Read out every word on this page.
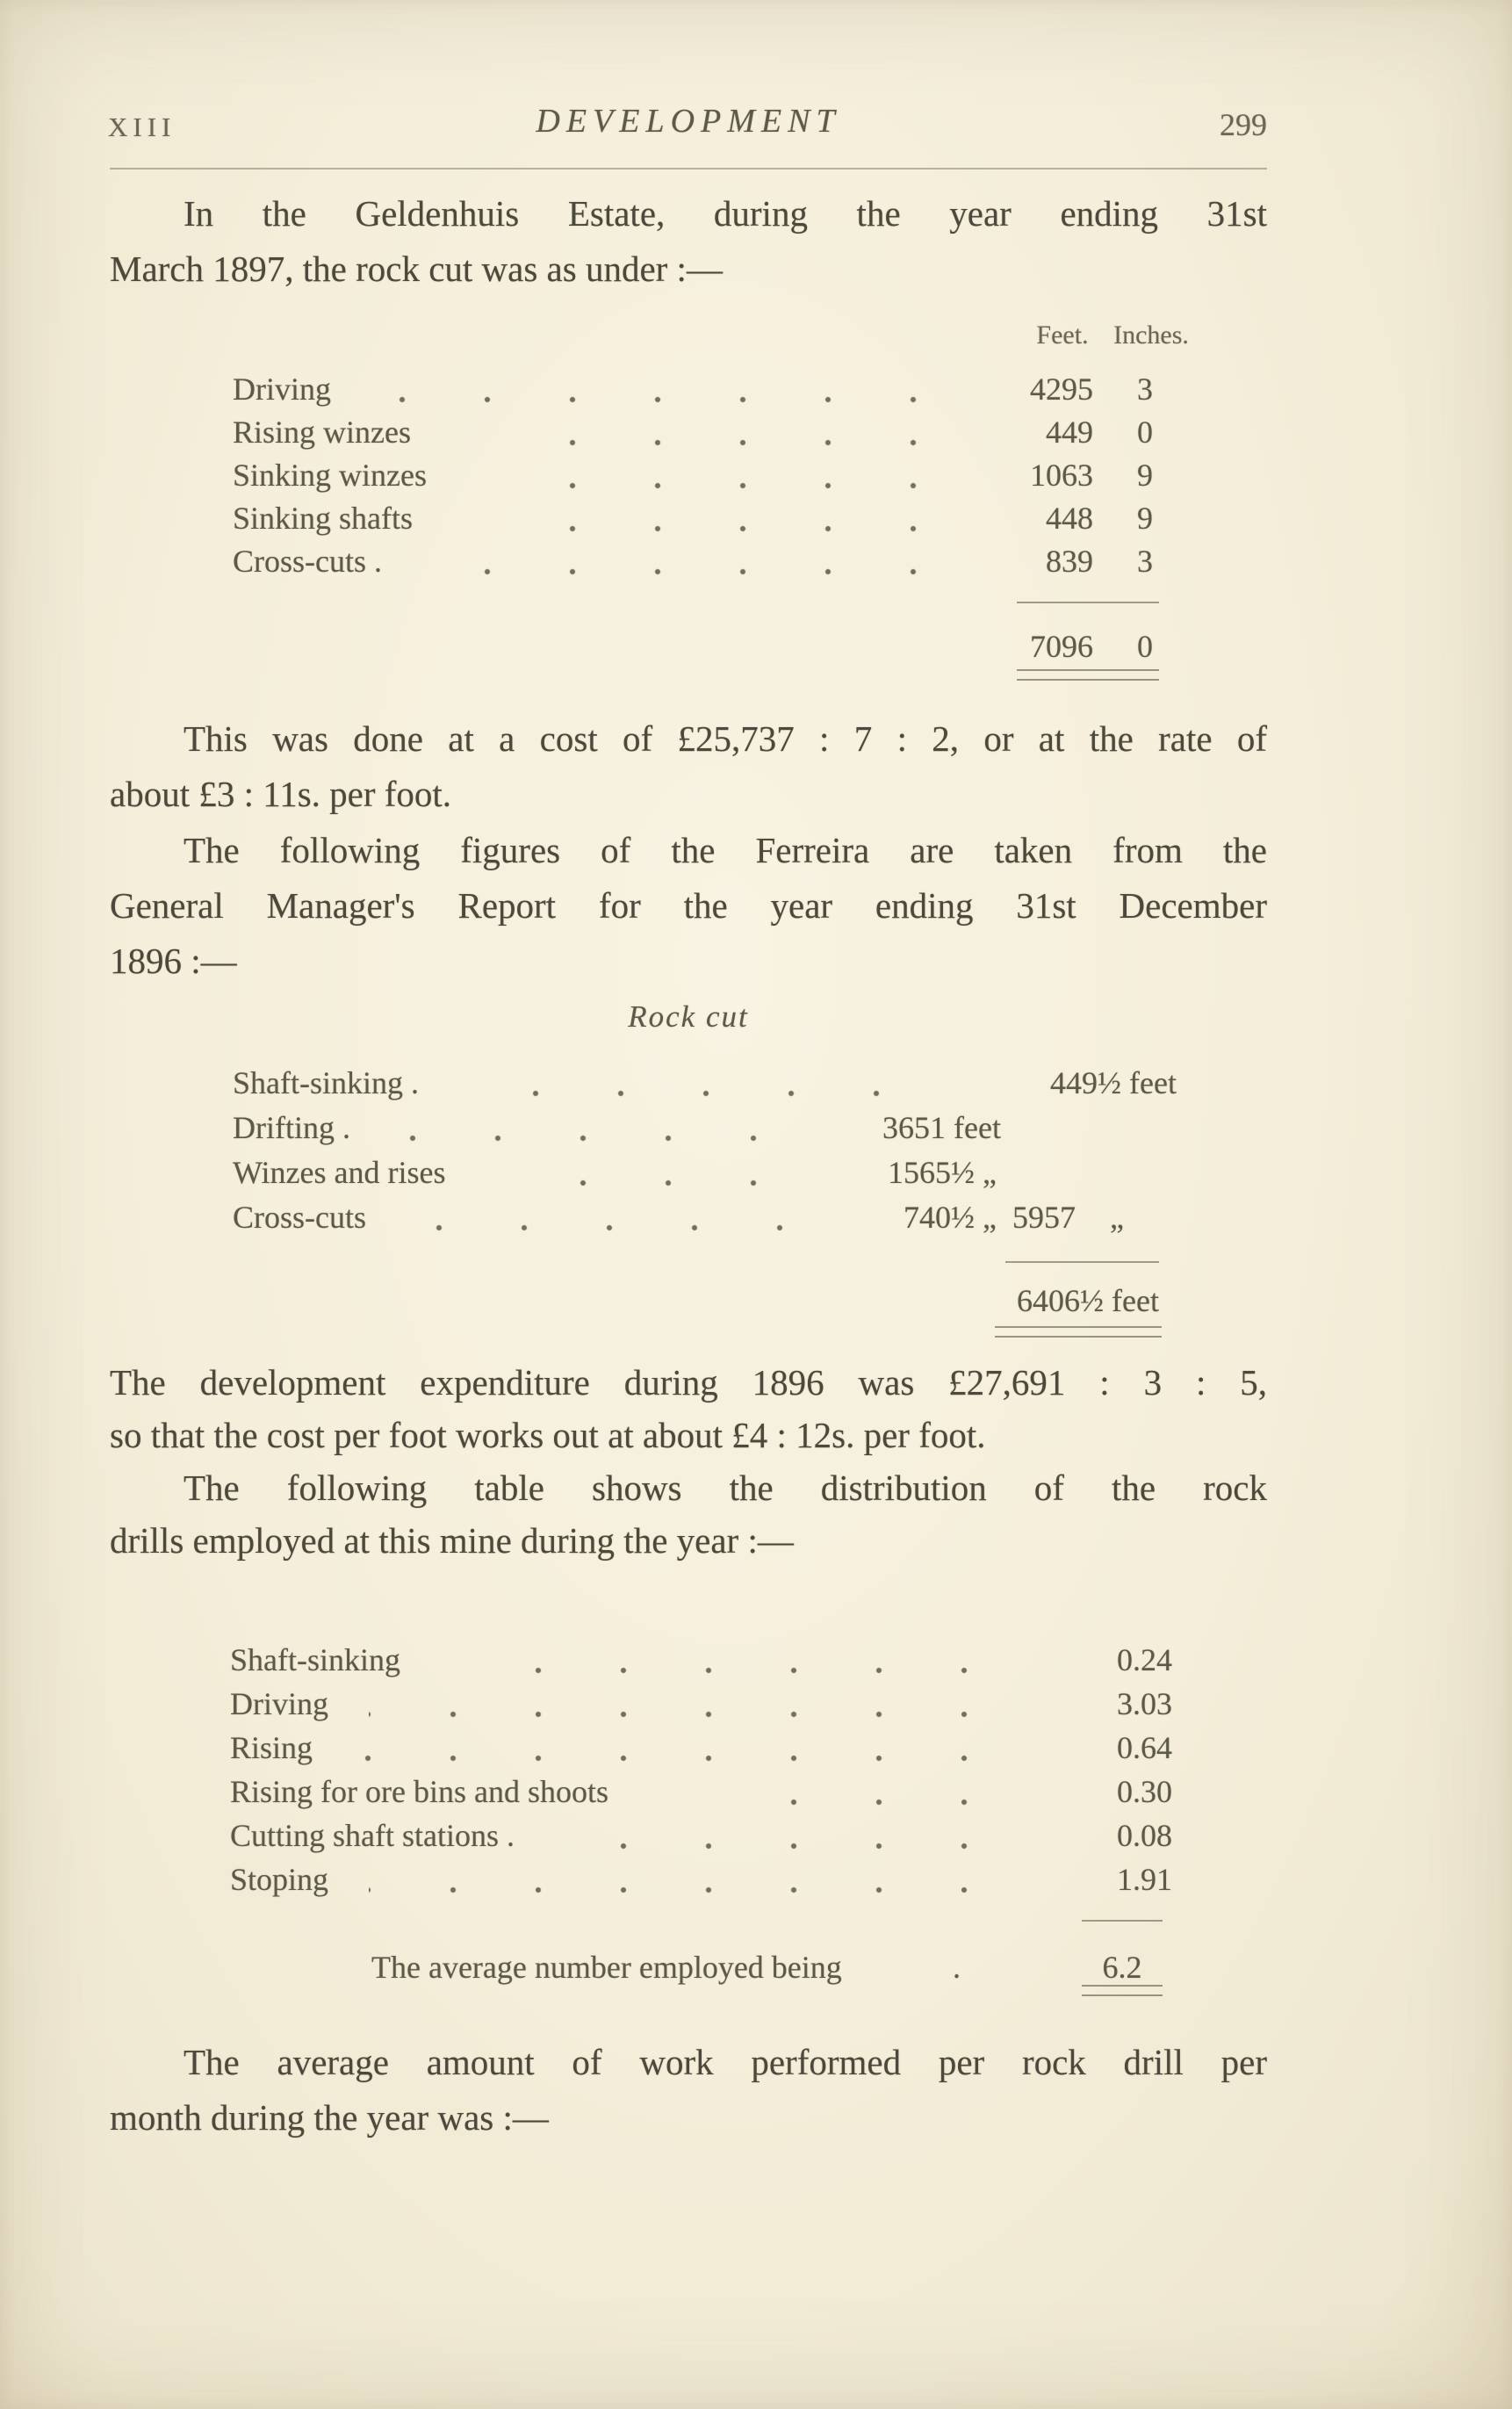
XIII	DEVELOPMENT	299
In the Geldenhuis Estate, during the year ending 31st
March 1897, the rock cut was as under :—
Feet. Inches.
Driving	4295	3
Rising winzes	449	0
Sinking winzes	1063	9
Sinking shafts	448	9
Cross-cuts .	839	3
7096	0
This was done at a cost of £25,737 : 7 : 2, or at the rate of
about £3 : 11s. per foot.
The following figures of the Ferreira are taken from the
General Manager's Report for the year ending 31st December
1896 :—
Rock cut
Shaft-sinking .	449½ feet
Drifting .	3651 feet
Winzes and rises	1565½ „
Cross-cuts	740½ „ 5957 „
6406½ feet
The development expenditure during 1896 was £27,691 : 3 : 5,
so that the cost per foot works out at about £4 : 12s. per foot.
The following table shows the distribution of the rock
drills employed at this mine during the year :—
Shaft-sinking	0.24
Driving	3.03
Rising	0.64
Rising for ore bins and shoots	0.30
Cutting shaft stations .	0.08
Stoping	1.91
The average number employed being	.	6.2
The average amount of work performed per rock drill per
month during the year was :—
